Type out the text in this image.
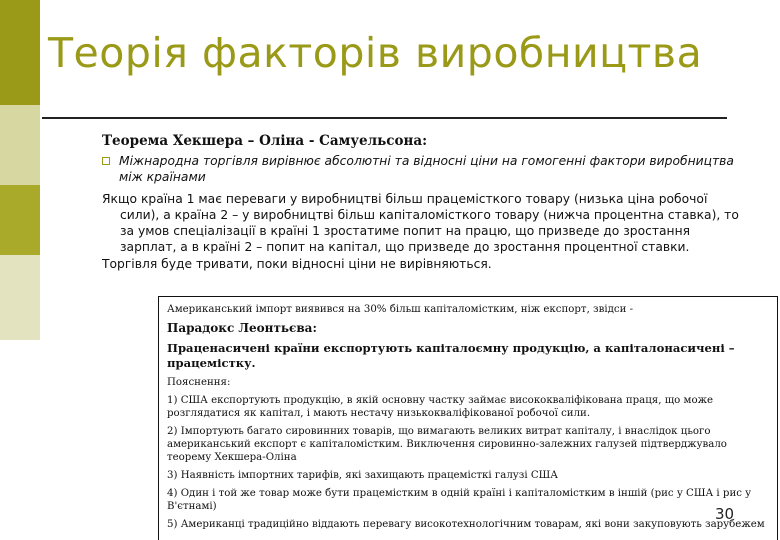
Теорія факторів виробництва

Теорема Хекшера – Оліна - Самуельсона:

Міжнародна торгівля вирівнює абсолютні та відносні ціни на гомогенні фактори виробництва між країнами

Якщо країна 1 має переваги у виробництві більш працемісткого товару (низька ціна робочої сили), а країна 2 – у виробництві більш капіталомісткого товару (нижча процентна ставка), то за умов спеціалізації в країні 1 зростатиме попит на працю, що призведе до зростання зарплат, а в країні 2 – попит на капітал, що призведе до зростання процентної ставки.

Торгівля буде тривати, поки відносні ціни не вирівняються.

Американський імпорт виявився на 30% більш капіталомістким, ніж експорт, звідси -

Парадокс Леонтьєва:

Праценасичені країни експортують капіталоємну продукцію, а капіталонасичені – працемістку.

Пояснення:

1) США експортують продукцію, в якій основну частку займає висококваліфікована праця, що може розглядатися як капітал, і мають нестачу низькокваліфікованої робочої сили.

2) Імпортують багато сировинних товарів, що вимагають великих витрат капіталу, і внаслідок цього американський експорт є капіталомістким. Виключення сировинно-залежних галузей підтверджувало теорему Хекшера-Оліна

3) Наявність імпортних тарифів, які захищають працемісткі галузі США

4) Один і той же товар може бути працемістким в одній країні і капіталомістким в іншій (рис у США і рис у В'єтнамі)

5) Американці традиційно віддають перевагу високотехнологічним товарам, які вони закуповують зарубежем

30
